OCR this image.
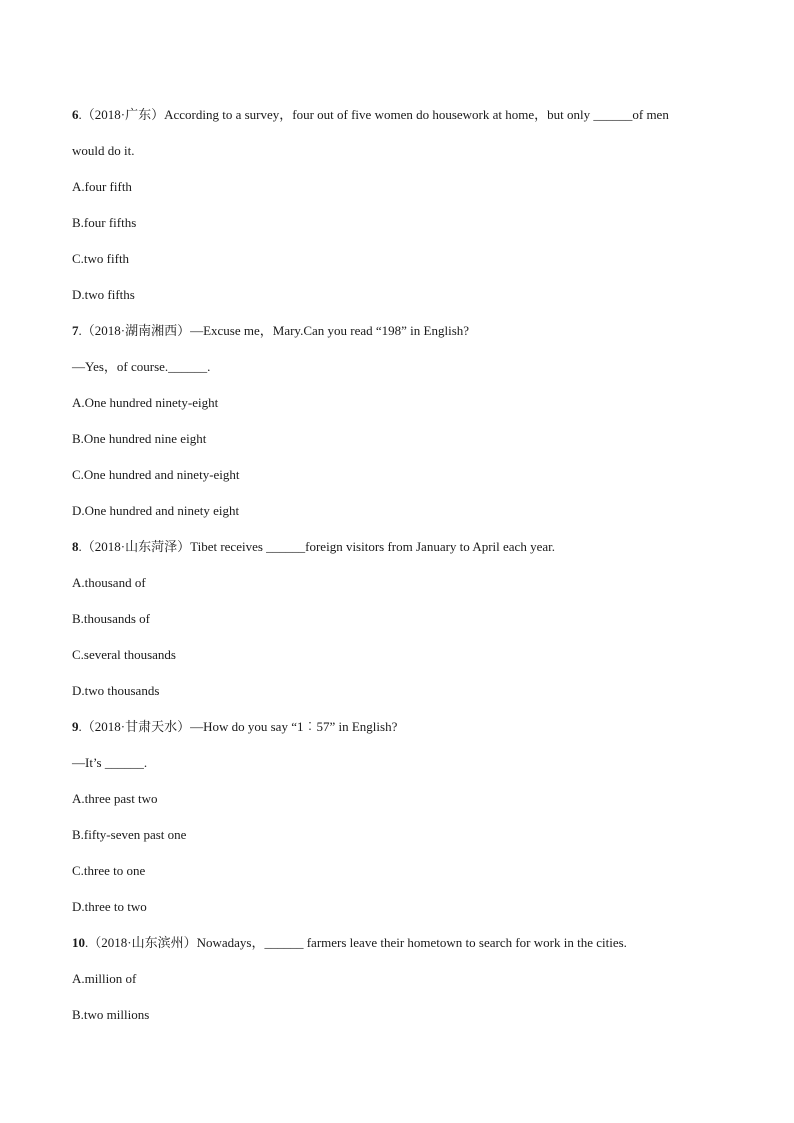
6.（2018·广东）According to a survey，four out of five women do housework at home，but only ______of men
would do it.
A.four fifth
B.four fifths
C.two fifth
D.two fifths
7.（2018·湖南湘西）—Excuse me，Mary.Can you read “198” in English?
—Yes，of course.______.
A.One hundred ninety-eight
B.One hundred nine eight
C.One hundred and ninety-eight
D.One hundred and ninety eight
8.（2018·山东菏泽）Tibet receives ______foreign visitors from January to April each year.
A.thousand of
B.thousands of
C.several thousands
D.two thousands
9.（2018·甘肃天水）—How do you say “1︰57” in English?
—It’s ______.
A.three past two
B.fifty-seven past one
C.three to one
D.three to two
10.（2018·山东滨州）Nowadays，______ farmers leave their hometown to search for work in the cities.
A.million of
B.two millions
